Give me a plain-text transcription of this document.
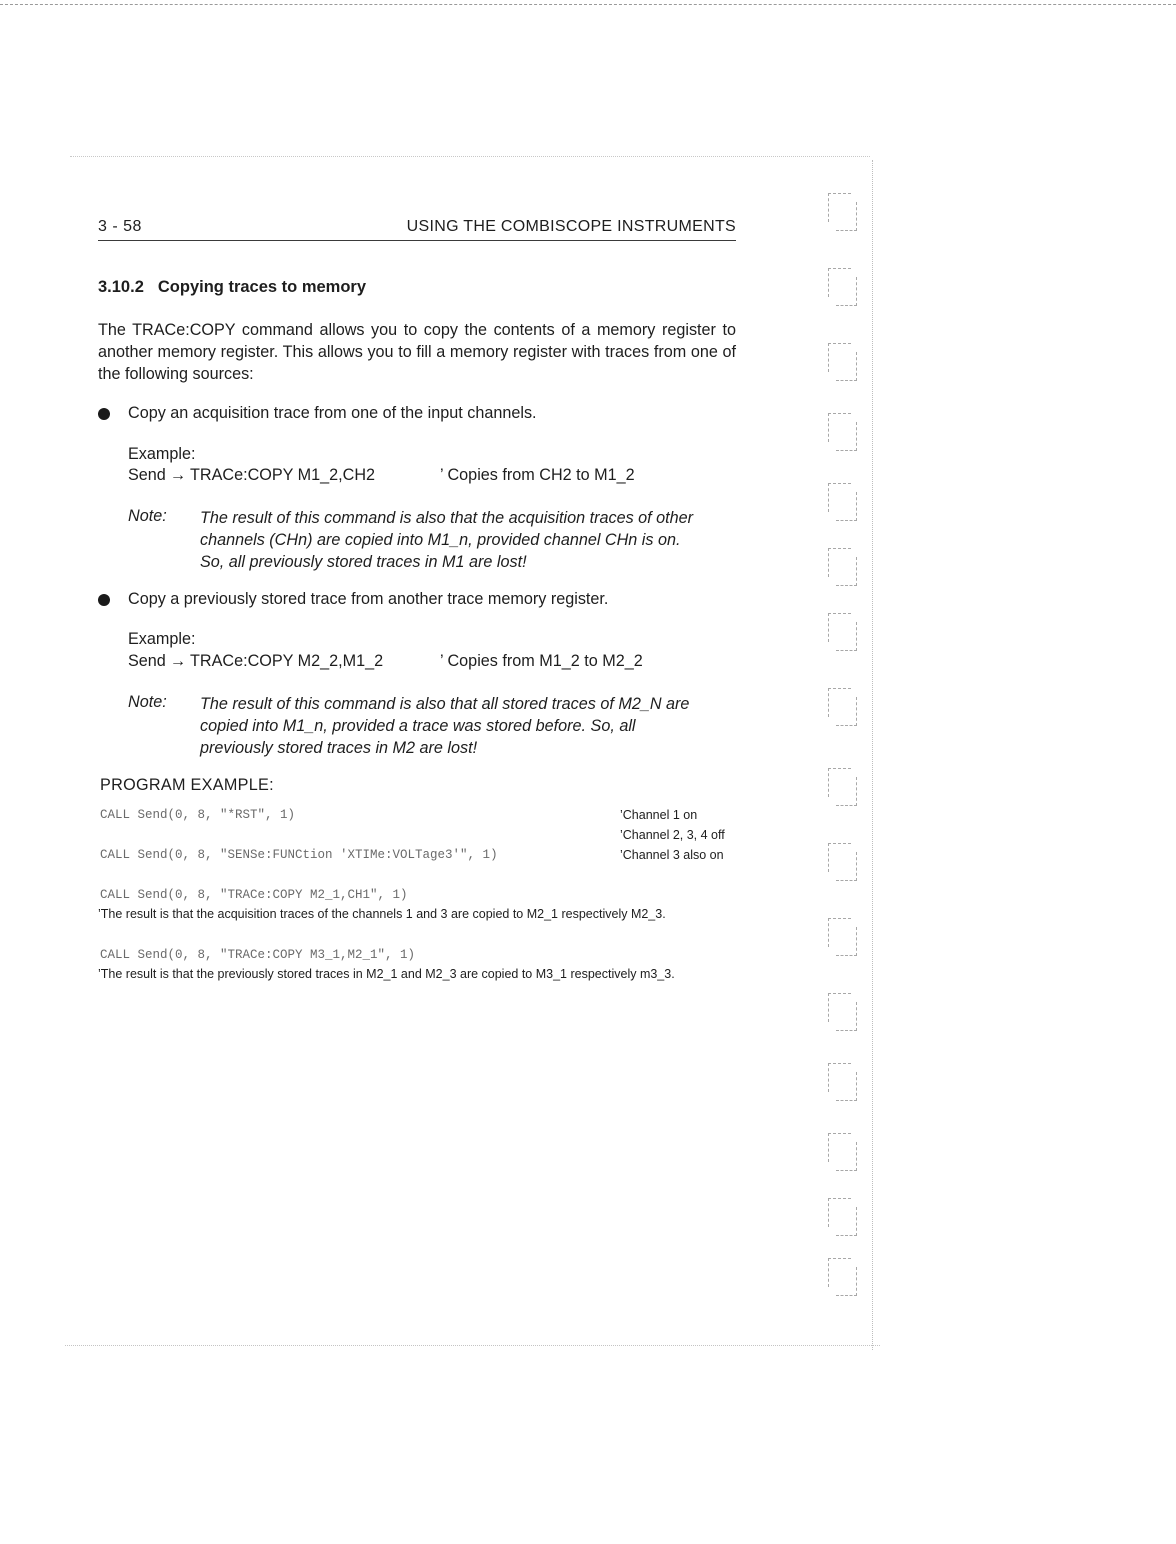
3 - 58	USING THE COMBISCOPE INSTRUMENTS
3.10.2 Copying traces to memory
The TRACe:COPY command allows you to copy the contents of a memory register to another memory register. This allows you to fill a memory register with traces from one of the following sources:
Copy an acquisition trace from one of the input channels.
Example:
Send → TRACe:COPY M1_2,CH2	’ Copies from CH2 to M1_2
Note: The result of this command is also that the acquisition traces of other
channels (CHn) are copied into M1_n, provided channel CHn is on.
So, all previously stored traces in M1 are lost!
Copy a previously stored trace from another trace memory register.
Example:
Send → TRACe:COPY M2_2,M1_2	’ Copies from M1_2 to M2_2
Note: The result of this command is also that all stored traces of M2_N are
copied into M1_n, provided a trace was stored before. So, all
previously stored traces in M2 are lost!
PROGRAM EXAMPLE:
CALL Send(0, 8, "*RST", 1)	’Channel 1 on
’Channel 2, 3, 4 off
CALL Send(0, 8, "SENSe:FUNCtion 'XTIMe:VOLTage3'", 1)	’Channel 3 also on
CALL Send(0, 8, "TRACe:COPY M2_1,CH1", 1)
’The result is that the acquisition traces of the channels 1 and 3 are copied to M2_1 respectively M2_3.
CALL Send(0, 8, "TRACe:COPY M3_1,M2_1", 1)
’The result is that the previously stored traces in M2_1 and M2_3 are copied to M3_1 respectively m3_3.
